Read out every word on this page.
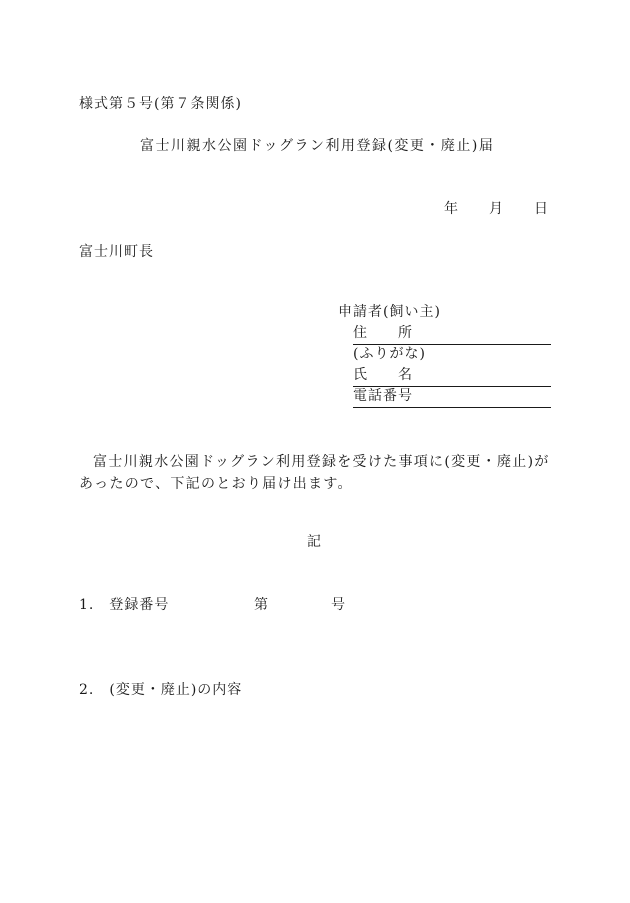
様式第５号(第７条関係)
富士川親水公園ドッグラン利用登録(変更・廃止)届
年 月 日
富士川町長
申請者(飼い主)
住　　所
(ふりがな)
氏　　名
電話番号
富士川親水公園ドッグラン利用登録を受けた事項に(変更・廃止)があったので、下記のとおり届け出ます。
記
1.　登録番号	第	号
2.　(変更・廃止)の内容
